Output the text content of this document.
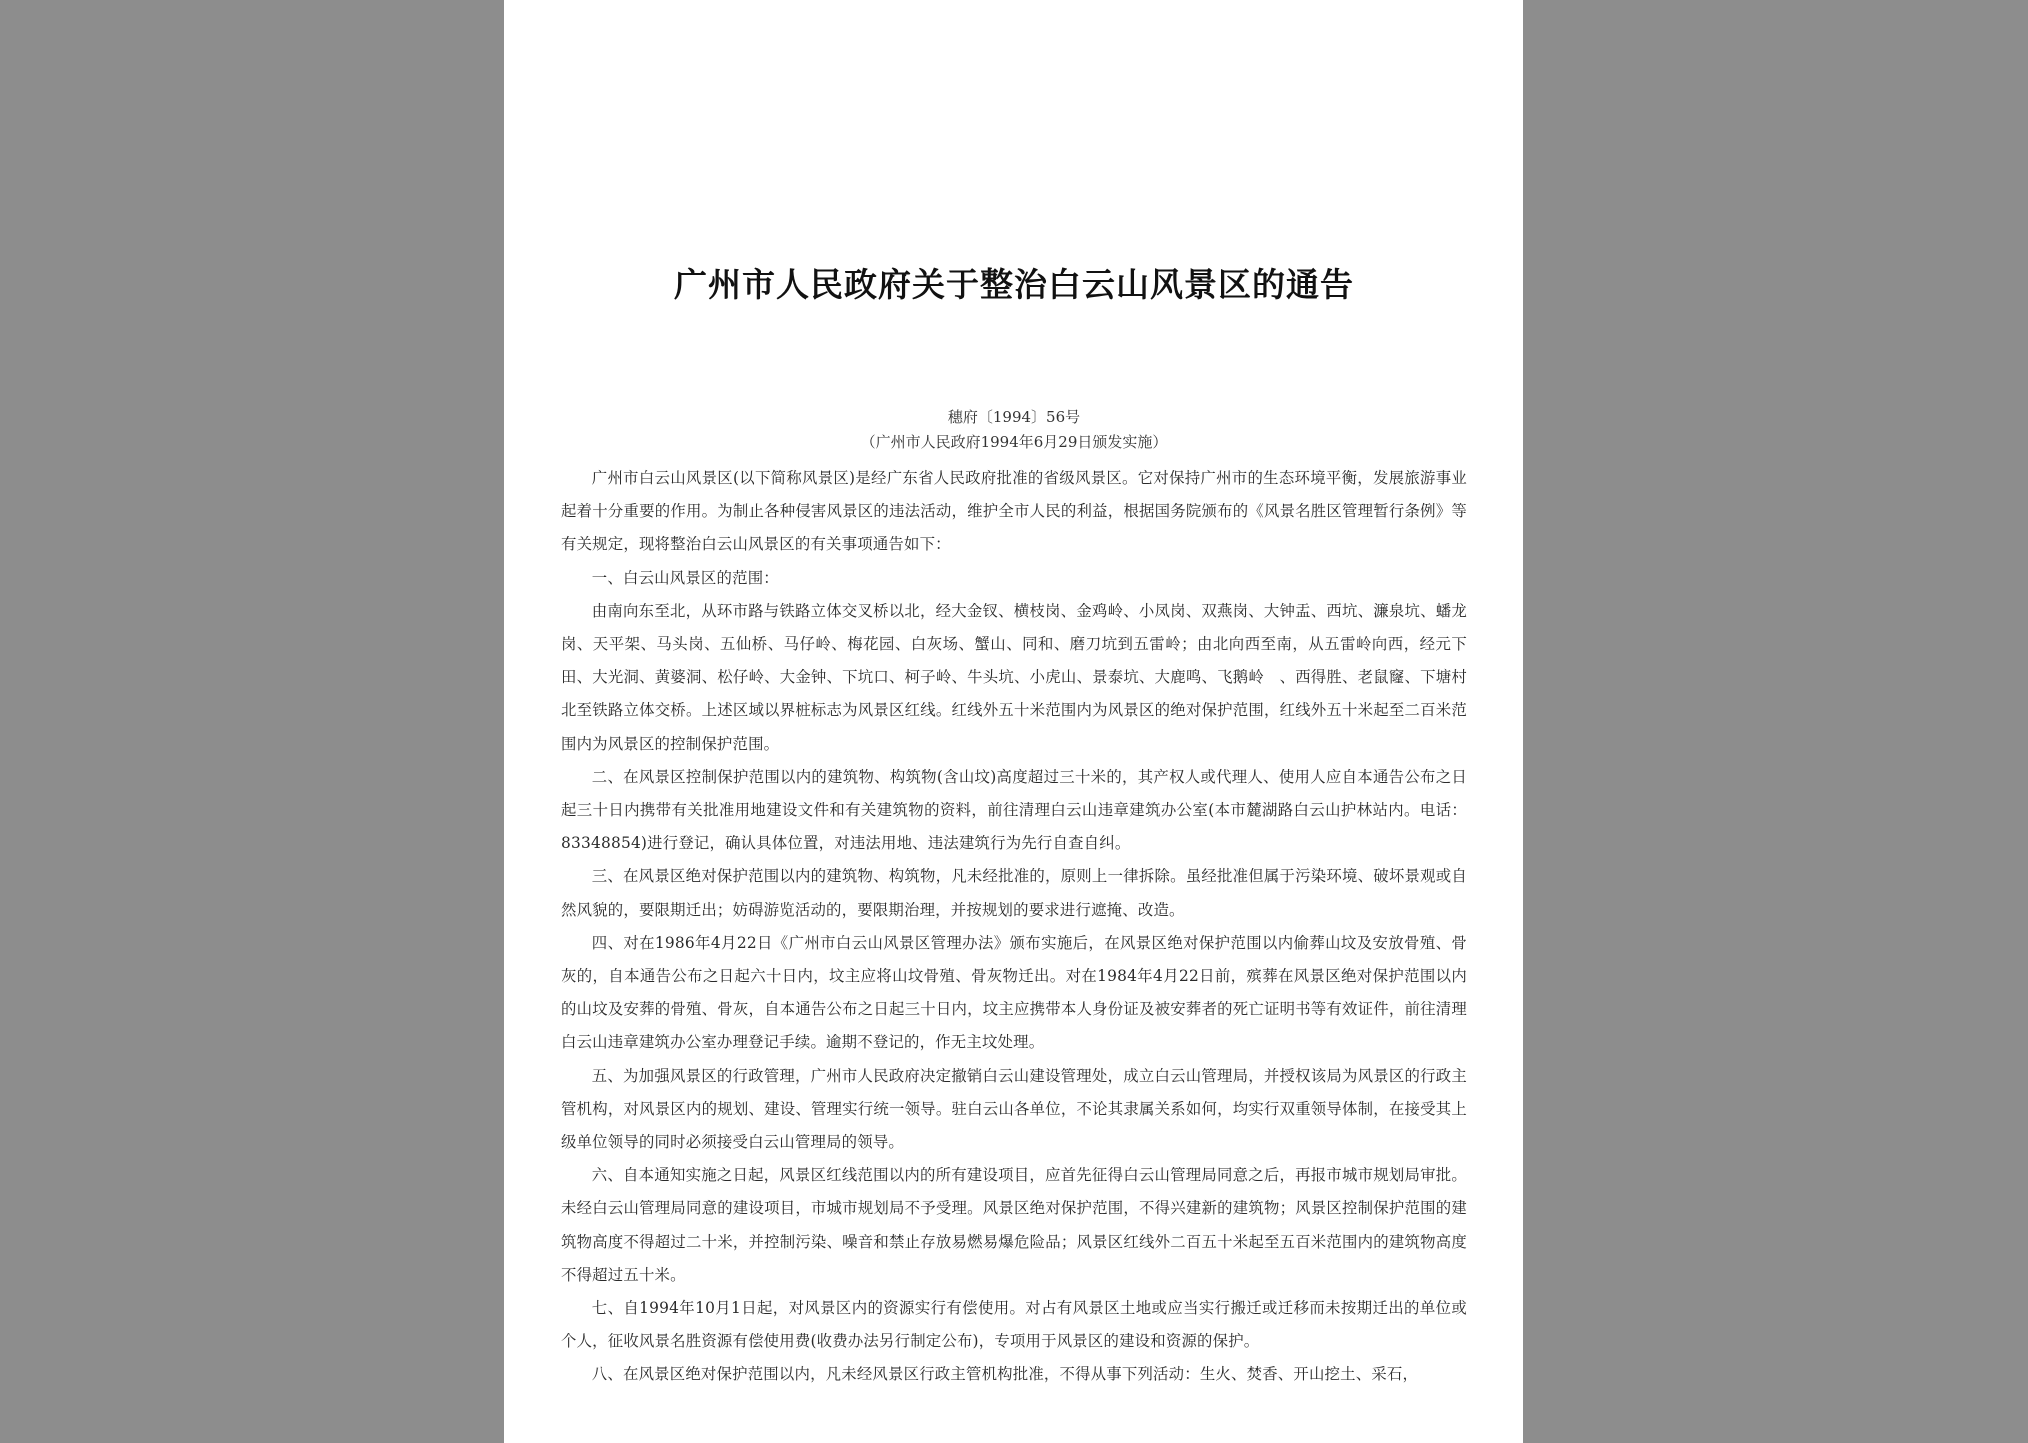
广州市人民政府关于整治白云山风景区的通告
穗府〔1994〕56号
（广州市人民政府1994年6月29日颁发实施）

广州市白云山风景区(以下简称风景区)是经广东省人民政府批准的省级风景区。它对保持广州市的生态环境平衡，发展旅游事业起着十分重要的作用。为制止各种侵害风景区的违法活动，维护全市人民的利益，根据国务院颁布的《风景名胜区管理暂行条例》等有关规定，现将整治白云山风景区的有关事项通告如下：

一、白云山风景区的范围：

由南向东至北，从环市路与铁路立体交叉桥以北，经大金钗、横枝岗、金鸡岭、小凤岗、双燕岗、大钟盂、西坑、濂泉坑、蟠龙岗、天平架、马头岗、五仙桥、马仔岭、梅花园、白灰场、蟹山、同和、磨刀坑到五雷岭；由北向西至南，从五雷岭向西，经元下田、大光洞、黄婆洞、松仔岭、大金钟、下坑口、柯子岭、牛头坑、小虎山、景泰坑、大鹿鸣、飞鹅岭　、西得胜、老鼠窿、下塘村北至铁路立体交桥。上述区域以界桩标志为风景区红线。红线外五十米范围内为风景区的绝对保护范围，红线外五十米起至二百米范围内为风景区的控制保护范围。

二、在风景区控制保护范围以内的建筑物、构筑物(含山坟)高度超过三十米的，其产权人或代理人、使用人应自本通告公布之日起三十日内携带有关批准用地建设文件和有关建筑物的资料，前往清理白云山违章建筑办公室(本市麓湖路白云山护林站内。电话：83348854)进行登记，确认具体位置，对违法用地、违法建筑行为先行自查自纠。

三、在风景区绝对保护范围以内的建筑物、构筑物，凡未经批准的，原则上一律拆除。虽经批准但属于污染环境、破坏景观或自然风貌的，要限期迁出；妨碍游览活动的，要限期治理，并按规划的要求进行遮掩、改造。

四、对在1986年4月22日《广州市白云山风景区管理办法》颁布实施后，在风景区绝对保护范围以内偷葬山坟及安放骨殖、骨灰的，自本通告公布之日起六十日内，坟主应将山坟骨殖、骨灰物迁出。对在1984年4月22日前，殡葬在风景区绝对保护范围以内的山坟及安葬的骨殖、骨灰，自本通告公布之日起三十日内，坟主应携带本人身份证及被安葬者的死亡证明书等有效证件，前往清理白云山违章建筑办公室办理登记手续。逾期不登记的，作无主坟处理。

五、为加强风景区的行政管理，广州市人民政府决定撤销白云山建设管理处，成立白云山管理局，并授权该局为风景区的行政主管机构，对风景区内的规划、建设、管理实行统一领导。驻白云山各单位，不论其隶属关系如何，均实行双重领导体制，在接受其上级单位领导的同时必须接受白云山管理局的领导。

六、自本通知实施之日起，风景区红线范围以内的所有建设项目，应首先征得白云山管理局同意之后，再报市城市规划局审批。未经白云山管理局同意的建设项目，市城市规划局不予受理。风景区绝对保护范围，不得兴建新的建筑物；风景区控制保护范围的建筑物高度不得超过二十米，并控制污染、噪音和禁止存放易燃易爆危险品；风景区红线外二百五十米起至五百米范围内的建筑物高度不得超过五十米。

七、自1994年10月1日起，对风景区内的资源实行有偿使用。对占有风景区土地或应当实行搬迁或迁移而未按期迁出的单位或个人，征收风景名胜资源有偿使用费(收费办法另行制定公布)，专项用于风景区的建设和资源的保护。

八、在风景区绝对保护范围以内，凡未经风景区行政主管机构批准，不得从事下列活动：生火、焚香、开山挖土、采石，
